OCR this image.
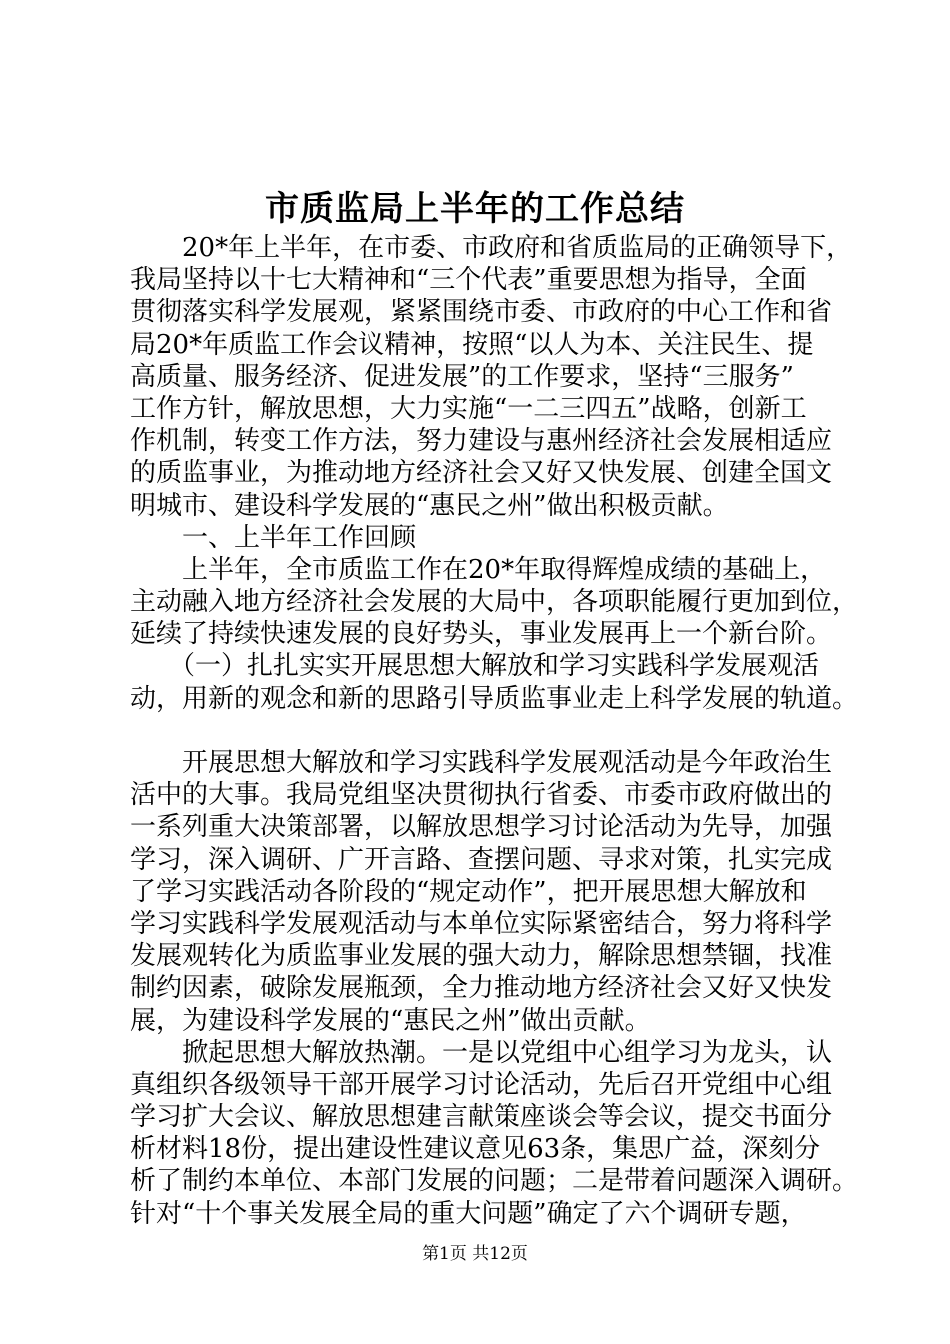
市质监局上半年的工作总结
　　20*年上半年，在市委、市政府和省质监局的正确领导下，
我局坚持以十七大精神和“三个代表”重要思想为指导，全面
贯彻落实科学发展观，紧紧围绕市委、市政府的中心工作和省
局20*年质监工作会议精神，按照“以人为本、关注民生、提
高质量、服务经济、促进发展”的工作要求，坚持“三服务”
工作方针，解放思想，大力实施“一二三四五”战略，创新工
作机制，转变工作方法，努力建设与惠州经济社会发展相适应
的质监事业，为推动地方经济社会又好又快发展、创建全国文
明城市、建设科学发展的“惠民之州”做出积极贡献。
　　一、上半年工作回顾
　　上半年，全市质监工作在20*年取得辉煌成绩的基础上，
主动融入地方经济社会发展的大局中，各项职能履行更加到位，
延续了持续快速发展的良好势头，事业发展再上一个新台阶。
　　（一）扎扎实实开展思想大解放和学习实践科学发展观活
动，用新的观念和新的思路引导质监事业走上科学发展的轨道。
　　开展思想大解放和学习实践科学发展观活动是今年政治生
活中的大事。我局党组坚决贯彻执行省委、市委市政府做出的
一系列重大决策部署，以解放思想学习讨论活动为先导，加强
学习，深入调研、广开言路、查摆问题、寻求对策，扎实完成
了学习实践活动各阶段的“规定动作”，把开展思想大解放和
学习实践科学发展观活动与本单位实际紧密结合，努力将科学
发展观转化为质监事业发展的强大动力，解除思想禁锢，找准
制约因素，破除发展瓶颈，全力推动地方经济社会又好又快发
展，为建设科学发展的“惠民之州”做出贡献。
　　掀起思想大解放热潮。一是以党组中心组学习为龙头，认
真组织各级领导干部开展学习讨论活动，先后召开党组中心组
学习扩大会议、解放思想建言献策座谈会等会议，提交书面分
析材料18份，提出建设性建议意见63条，集思广益，深刻分
析了制约本单位、本部门发展的问题；二是带着问题深入调研。
针对“十个事关发展全局的重大问题”确定了六个调研专题，
第1页 共12页
